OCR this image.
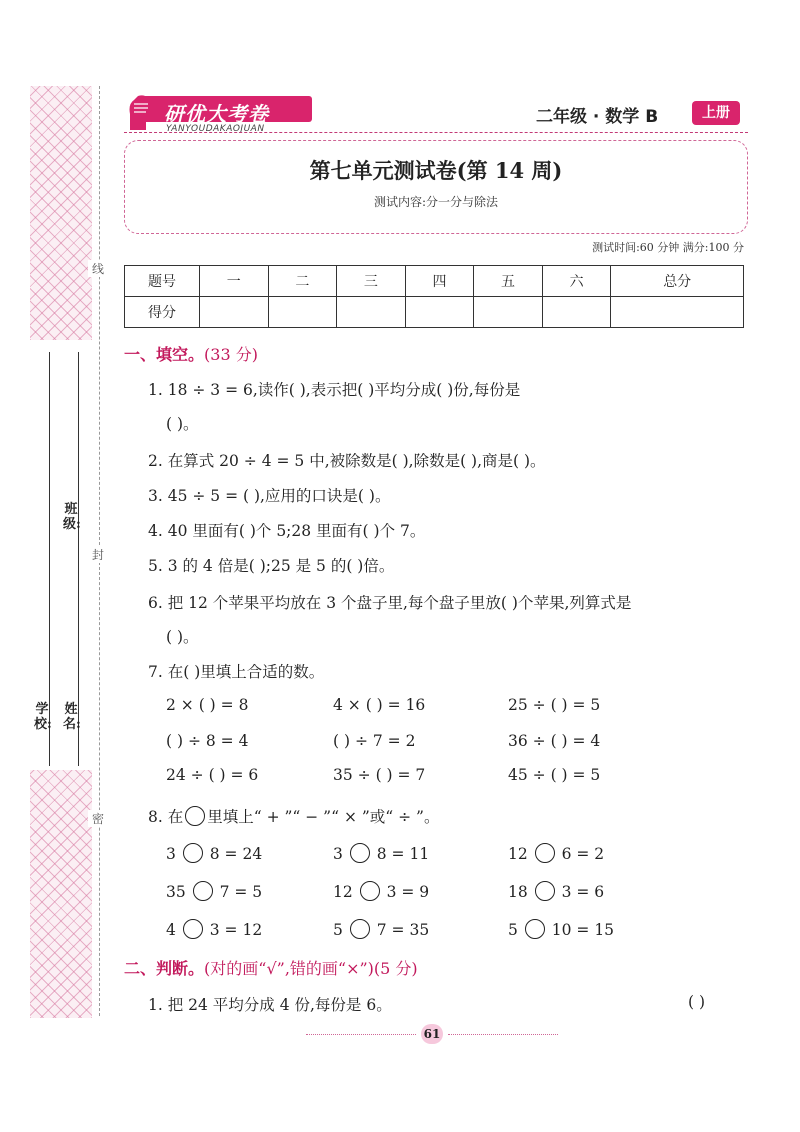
线
封
密
班级:
姓名:
学校:
研优大考卷
YANYOUDAKAOJUAN
二年级 · 数学 B	上册
第七单元测试卷(第 14 周)
测试内容:分一分与除法
测试时间:60 分钟 满分:100 分
题号	一	二	三	四	五	六	总分
得分							
一、填空。(33 分)
1. 18 ÷ 3 = 6,读作( ),表示把( )平均分成( )份,每份是
( )。
2. 在算式 20 ÷ 4 = 5 中,被除数是( ),除数是( ),商是( )。
3. 45 ÷ 5 = ( ),应用的口诀是( )。
4. 40 里面有( )个 5;28 里面有( )个 7。
5. 3 的 4 倍是( );25 是 5 的( )倍。
6. 把 12 个苹果平均放在 3 个盘子里,每个盘子里放( )个苹果,列算式是
( )。
7. 在( )里填上合适的数。
2 × ( ) = 8	4 × ( ) = 16	25 ÷ ( ) = 5
( ) ÷ 8 = 4	( ) ÷ 7 = 2	36 ÷ ( ) = 4
24 ÷ ( ) = 6	35 ÷ ( ) = 7	45 ÷ ( ) = 5
8. 在 里填上“ + ”“ − ”“ × ”或“ ÷ ”。
3 8 = 24	3 8 = 11	12 6 = 2
35 7 = 5	12 3 = 9	18 3 = 6
4 3 = 12	5 7 = 35	5 10 = 15
二、判断。(对的画“√”,错的画“×”)(5 分)
1. 把 24 平均分成 4 份,每份是 6。	( )
61
